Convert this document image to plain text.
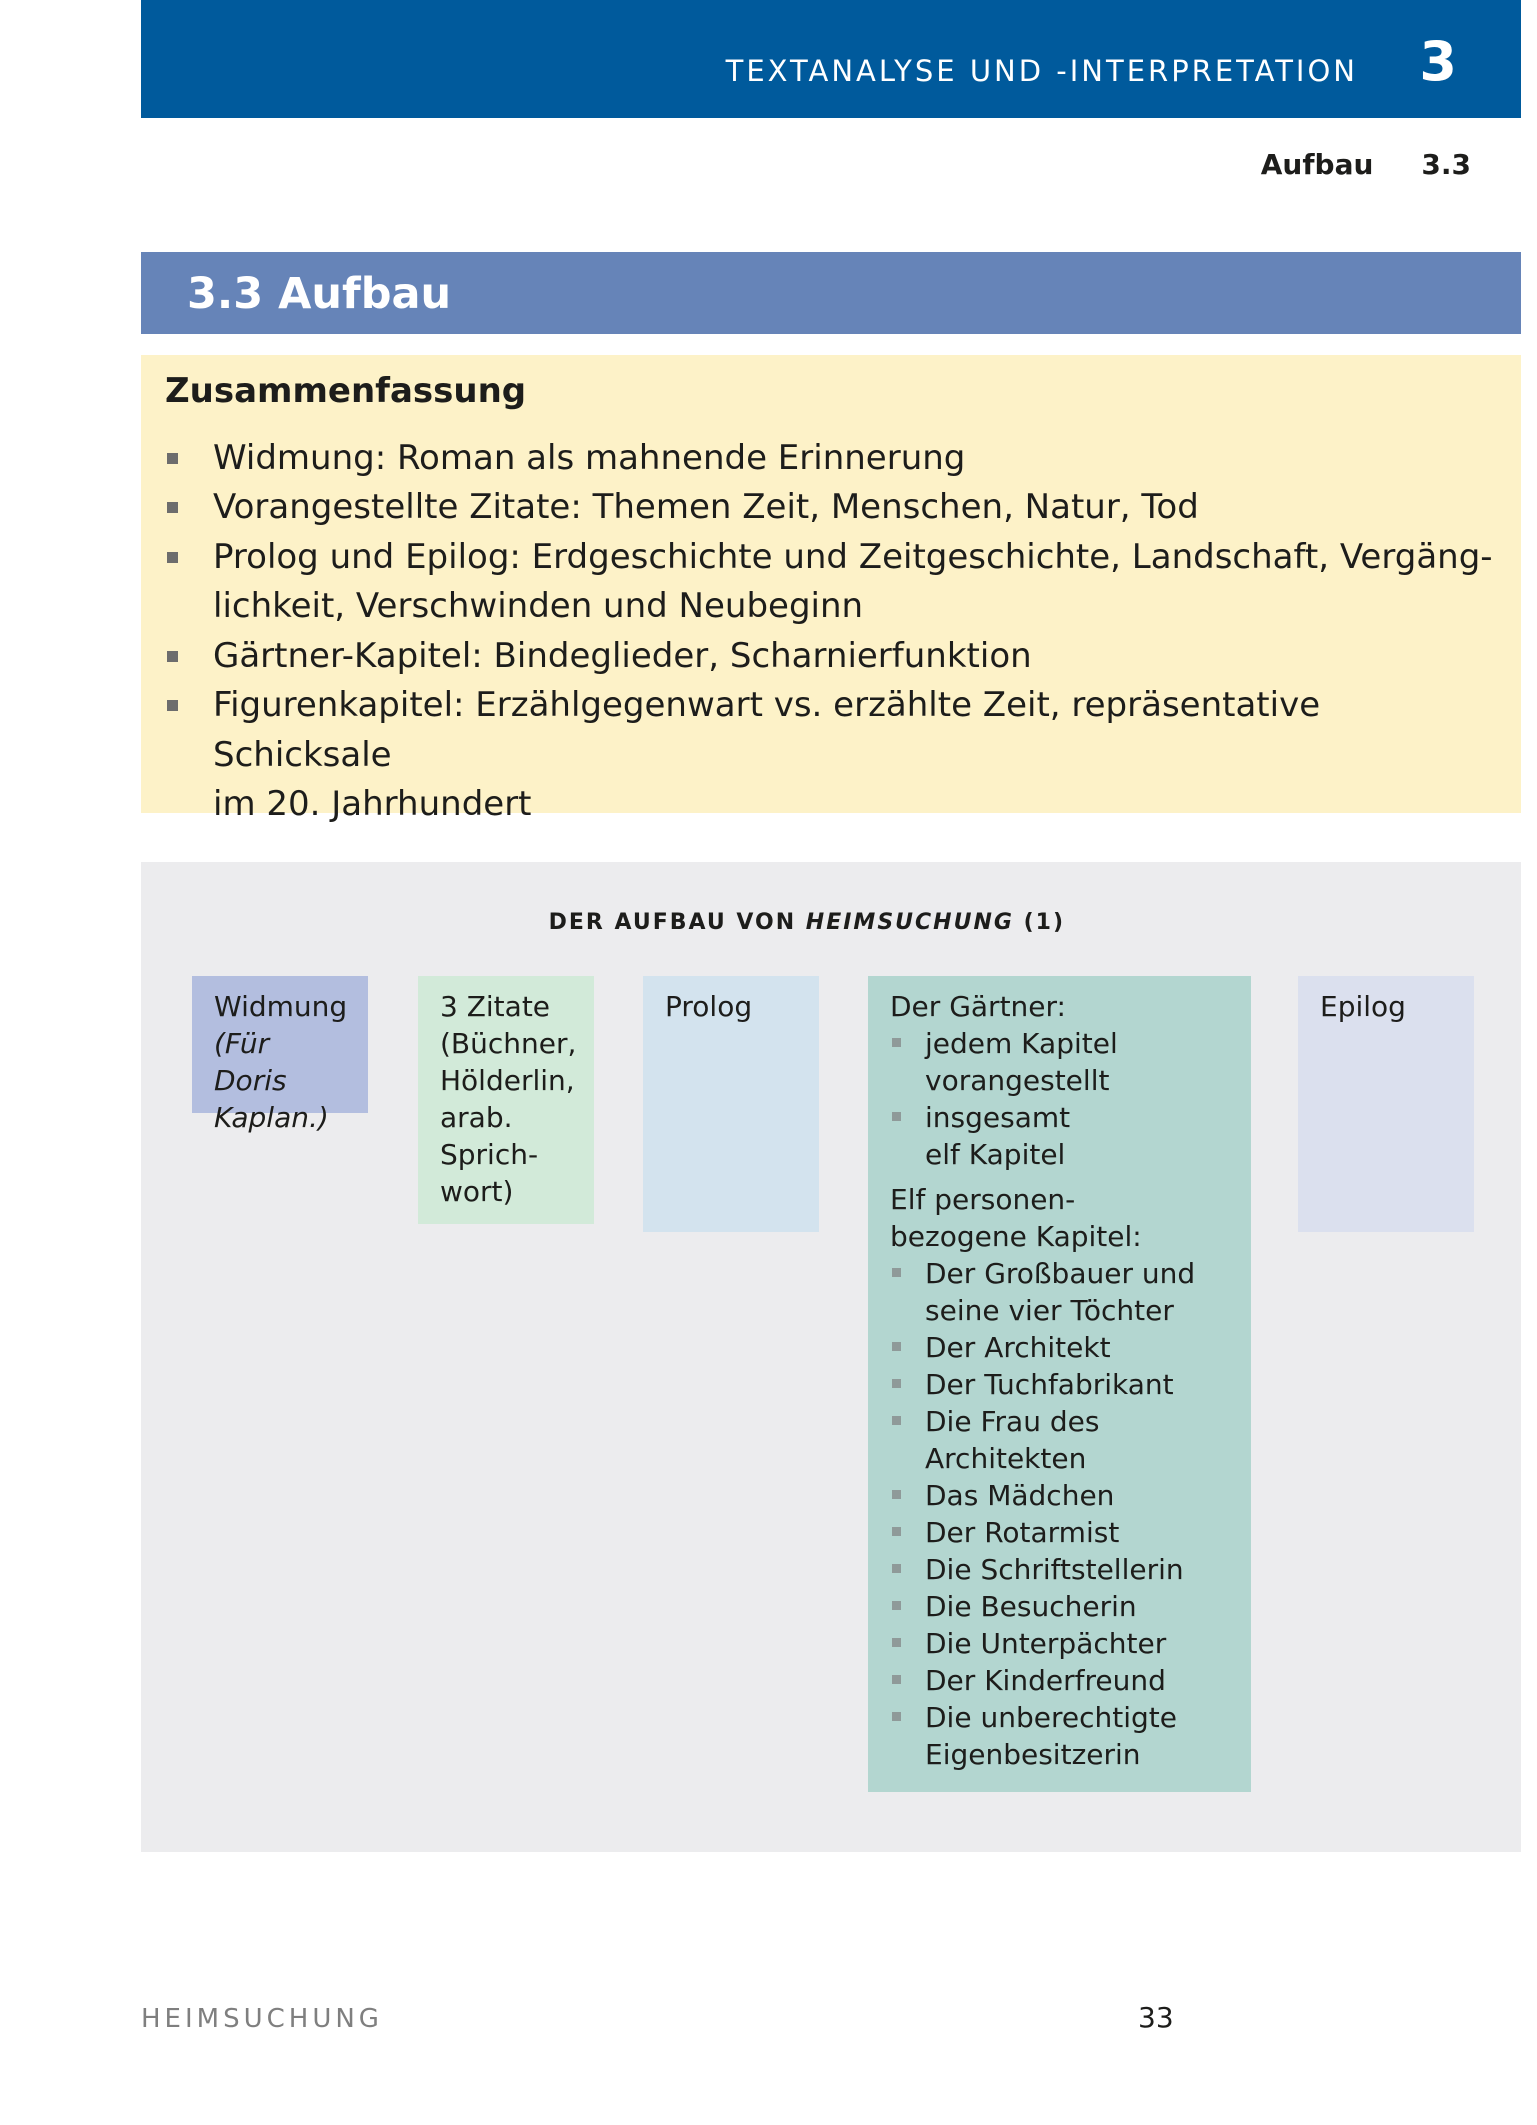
TEXTANALYSE UND -INTERPRETATION 3
Aufbau 3.3
3.3 Aufbau
Zusammenfassung
Widmung: Roman als mahnende Erinnerung
Vorangestellte Zitate: Themen Zeit, Menschen, Natur, Tod
Prolog und Epilog: Erdgeschichte und Zeitgeschichte, Landschaft, Vergäng-
lichkeit, Verschwinden und Neubeginn
Gärtner-Kapitel: Bindeglieder, Scharnierfunktion
Figurenkapitel: Erzählgegenwart vs. erzählte Zeit, repräsentative Schicksale
im 20. Jahrhundert
DER AUFBAU VON HEIMSUCHUNG (1)
Widmung
(Für Doris
Kaplan.)
3 Zitate
(Büchner,
Hölderlin,
arab.
Sprich-
wort)
Prolog	Der Gärtner:
jedem Kapitel
vorangestellt
insgesamt
elf Kapitel
Elf personen-
bezogene Kapitel:
Der Großbauer und
seine vier Töchter
Der Architekt
Der Tuchfabrikant
Die Frau des
Architekten
Das Mädchen
Der Rotarmist
Die Schriftstellerin
Die Besucherin
Die Unterpächter
Der Kinderfreund
Die unberechtigte
Eigenbesitzerin
Epilog
HEIMSUCHUNG	33
